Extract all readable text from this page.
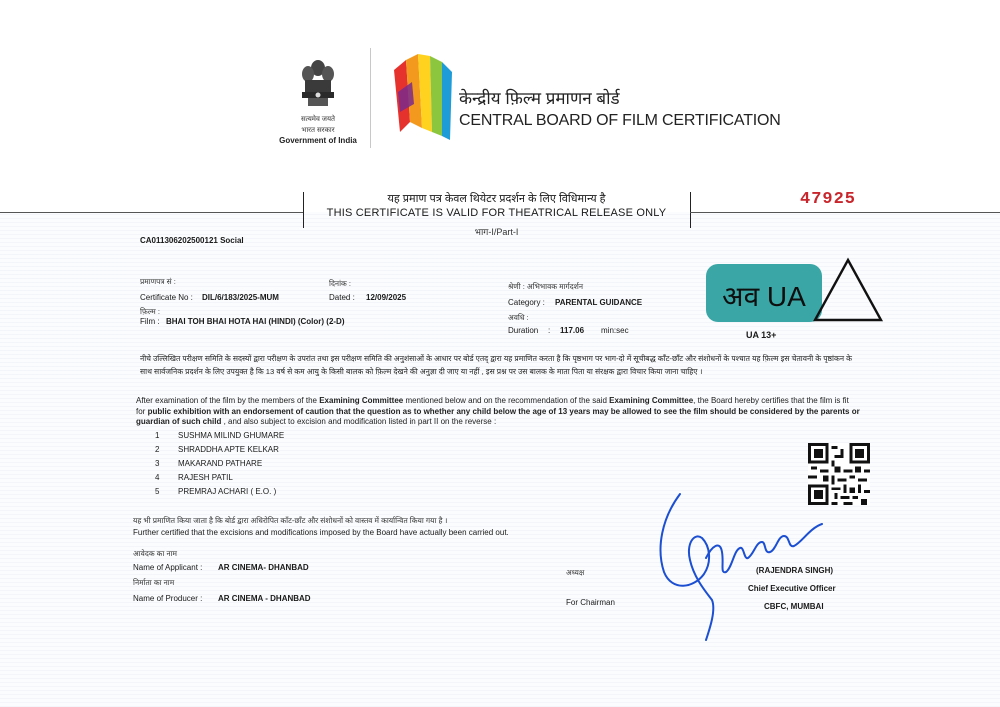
सत्यमेव जयते
भारत सरकार
Government of India
केन्द्रीय फ़िल्म प्रमाणन बोर्ड
CENTRAL BOARD OF FILM CERTIFICATION
यह प्रमाण पत्र केवल थियेटर प्रदर्शन के लिए विधिमान्य है
THIS CERTIFICATE IS VALID FOR THEATRICAL RELEASE ONLY
भाग-I/Part-I
47925
CA011306202500121 Social
प्रमाणपत्र सं :
Certificate No : DIL/6/183/2025-MUM
दिनांक :
Dated : 12/09/2025
फ़िल्म :
Film : BHAI TOH BHAI HOTA HAI (HINDI) (Color) (2-D)
श्रेणी : अभिभावक मार्गदर्शन
Category : PARENTAL GUIDANCE
अवधि :
Duration : 117.06 min:sec
अव UA
UA 13+
नीचे उल्लिखित परीक्षण समिति के सदस्यों द्वारा परीक्षण के उपरांत तथा इस परीक्षण समिति की अनुशंसाओं के आधार पर बोर्ड एतद् द्वारा यह प्रमाणित करता है कि पृष्ठभाग पर भाग-दो में सूचीबद्ध काँट-छाँट और संशोधनों के पश्चात यह फ़िल्म इस चेतावनी के पृष्ठांकन के साथ सार्वजनिक प्रदर्शन के लिए उपयुक्त है कि 13 वर्ष से कम आयु के किसी बालक को फ़िल्म देखने की अनुज्ञा दी जाए या नहीं , इस प्रश्न पर उस बालक के माता पिता या संरक्षक द्वारा विचार किया जाना चाहिए ।
After examination of the film by the members of the Examining Committee mentioned below and on the recommendation of the said Examining Committee, the Board hereby certifies that the film is fit for public exhibition with an endorsement of caution that the question as to whether any child below the age of 13 years may be allowed to see the film should be considered by the parents or guardian of such child , and also subject to excision and modification listed in part II on the reverse :
1 SUSHMA MILIND GHUMARE
2 SHRADDHA APTE KELKAR
3 MAKARAND PATHARE
4 RAJESH PATIL
5 PREMRAJ ACHARI ( E.O. )
यह भी प्रमाणित किया जाता है कि बोर्ड द्वारा अधिरोपित काँट-छाँट और संशोधनों को वास्तव में कार्यान्वित किया गया है ।
Further certified that the excisions and modifications imposed by the Board have actually been carried out.
आवेदक का नाम
Name of Applicant : AR CINEMA- DHANBAD
निर्माता का नाम
Name of Producer : AR CINEMA - DHANBAD
अध्यक्ष
For Chairman
(RAJENDRA SINGH)
Chief Executive Officer
CBFC, MUMBAI
